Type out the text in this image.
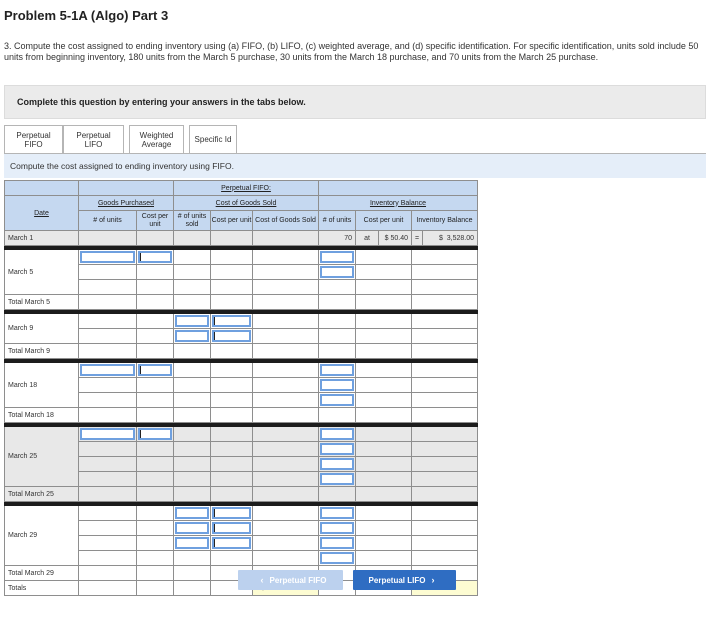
Problem 5-1A (Algo) Part 3
3. Compute the cost assigned to ending inventory using (a) FIFO, (b) LIFO, (c) weighted average, and (d) specific identification. For specific identification, units sold include 50 units from beginning inventory, 180 units from the March 5 purchase, 30 units from the March 18 purchase, and 70 units from the March 25 purchase.
Complete this question by entering your answers in the tabs below.
Perpetual FIFO
Perpetual LIFO
Weighted Average	Specific Id
Compute the cost assigned to ending inventory using FIFO.
			Perpetual FIFO:							
Date	Goods Purchased		Cost of Goods Sold			Inventory Balance				
	# of units	Cost per unit	# of units sold	Cost per unit	Cost of Goods Sold	# of units	Cost per unit		Inventory Balance	
March 1						70	at	$ 50.40	=	$ 3,528.00

March 5			

Total March 5										

March 9					

Total March 9										

March 18			

Total March 18										

March 25			

Total March 25										

March 29					

Total March 29										
Totals					

‹ Perpetual FIFO	Perpetual LIFO ›
